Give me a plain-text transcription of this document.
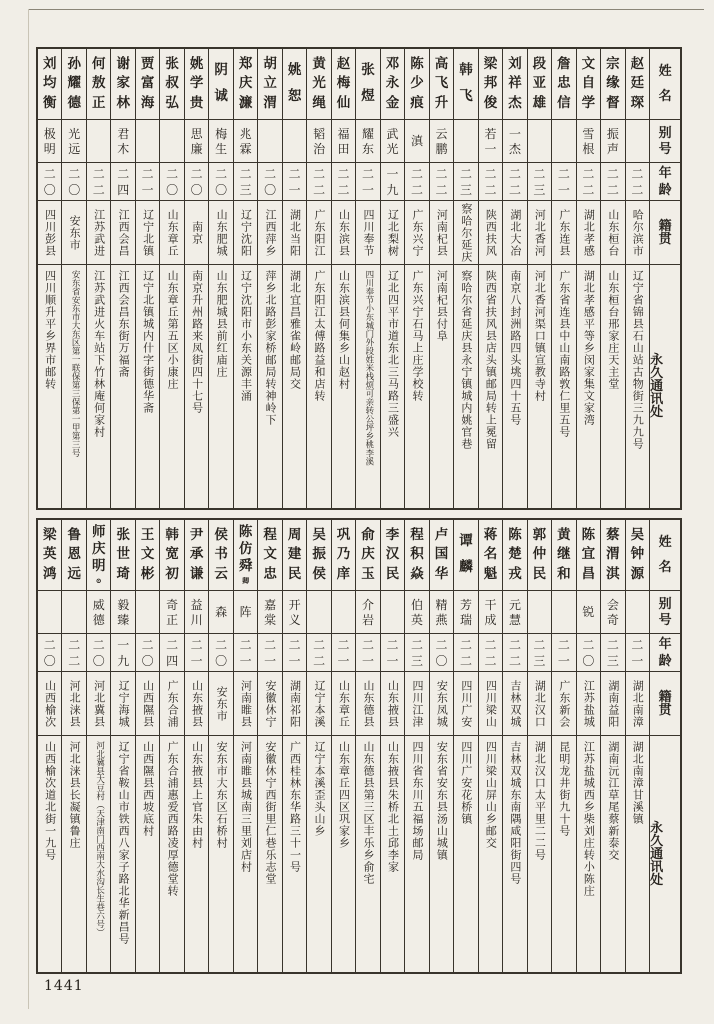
刘
均
衡
极
明
二
〇
四川彭县
四川顺升平乡界市邮转
孙
耀
德
光
远
二
〇
安东市
安东省安东市大东区第一联保第三保第一甲第三号
何
敖
正
二
二
江苏武进
江苏武进火车站下竹林庵何家村
谢
家
林
君
木
二
四
江西会昌
江西会昌东街万福斋
贾
富
海
二
一
辽宁北镇
辽宁北镇城内什字街德华斋
张
叔
弘
二
〇
山东章丘
山东章丘第五区小康庄
姚
学
贵
思
廉
二
〇
南京
南京升州路来凤街四十七号
阴
诚
梅
生
二
〇
山东肥城
山东肥城县前红庙庄
郑
庆
濂
兆
霖
二
三
辽宁沈阳
辽宁沈阳市小东关源丰涌
胡
立
渭
二
〇
江西萍乡
萍乡北路彭家桥邮局转神岭下
姚
恕
二
一
湖北当阳
湖北宜昌雅雀岭邮局交
黄
光
绳
韬
治
二
二
广东阳江
广东阳江太傅路益和店转
赵
梅
仙
福
田
二
二
山东滨县
山东滨县何集乡山赵村
张
煜
耀
东
二
一
四川奉节
四川奉节小东城门外段姓米栈烦可亲转公坪乡桃李溪
邓
永
金
武
光
一
九
辽北梨树
辽北四平市道东北三马路三盛兴
陈
少
痕
滇
二
二
广东兴宁
广东兴宁石马上庄学校转
高
飞
升
云
鹏
二
二
河南杞县
河南杞县付阜
韩
飞
二
三
察哈尔延庆
察哈尔省延庆县永宁镇城内姚官巷
梁
邦
俊
若
一
二
二
陕西扶风
陕西省扶风县店头镇邮局转上冕留
刘
祥
杰
一
杰
二
二
湖北大冶
南京八封洲路四头垗四十五号
段
亚
雄
二
三
河北香河
河北香河渠口镇宣教寺村
詹
忠
信
二
一
广东连县
广东省连县中山南路敦仁里五号
文
自
学
雪
根
二
二
湖北孝感
湖北孝感平等乡闵家集文家湾
宗
缘
督
振
声
二
二
山东桓台
山东桓台邢家庄天主堂
赵
廷
琛
二
二
哈尔滨市
辽宁省锦县石山站古物街三九九号
姓
名
别
号
年
龄
籍
贯
永
久
通
讯
处
梁
英
鸿
二
〇
山西榆次
山西榆次道北街一九号
鲁
恩
远
二
二
河北涞县
河北涞县长凝镇鲁庄
师
庆
明
⊙
威
德
二
〇
河北冀县
河北冀县大豆村（天津南门西南大水沟长生巷六号）
张
世
琦
毅
臻
一
九
辽宁海城
辽宁省鞍山市铁西八家子路北华新昌号
王
文
彬
二
〇
山西隰县
山西隰县西坡底村
韩
宽
初
奇
正
二
四
广东合浦
广东合浦惠爱西路凌厚德堂转
尹
承
谦
益
川
二
一
山东掖县
山东掖县上官朱由村
侯
书
云
森
二
〇
安东市
安东市大东区石桥村
陈
仿
舜
卿
阵
二
一
河南睢县
河南睢县城南三里刘店村
程
文
忠
嘉
棠
二
一
安徽休宁
安徽休宁西街里仁巷乐志堂
周
建
民
开
义
二
一
湖南祁阳
广西桂林东华路三十一号
吴
振
侯
二
二
辽宁本溪
辽宁本溪歪头山乡
巩
乃
庠
二
一
山东章丘
山东章丘四区巩家乡
俞
庆
玉
介
岩
二
一
山东德县
山东德县第三区丰乐乡俞宅
李
汉
民
二
一
山东掖县
山东掖县朱桥北土邱李家
程
积
焱
伯
英
二
三
四川江津
四川省东川五福场邮局
卢
国
华
精
燕
二
〇
安东凤城
安东省安东县汤山城镇
谭
麟
芳
瑞
二
二
四川广安
四川广安花桥镇
蒋
名
魁
干
成
二
二
四川梁山
四川梁山屏山乡邮交
陈
楚
戎
元
慧
二
二
吉林双城
吉林双城东南隅咸阳街四号
郭
仲
民
二
三
湖北汉口
湖北汉口太平里二二号
黄
继
和
二
一
广东新会
昆明龙井街九十号
陈
宜
昌
锐
二
〇
江苏盐城
江苏盐城西乡柴刘庄转小陈庄
蔡
渭
淇
会
奇
二
三
湖南益阳
湖南沅江草尾蔡新泰交
吴
钟
源
二
一
湖北南漳
湖北南漳甘溪镇
姓
名
别
号
年
龄
籍
贯
永
久
通
讯
处
1441
